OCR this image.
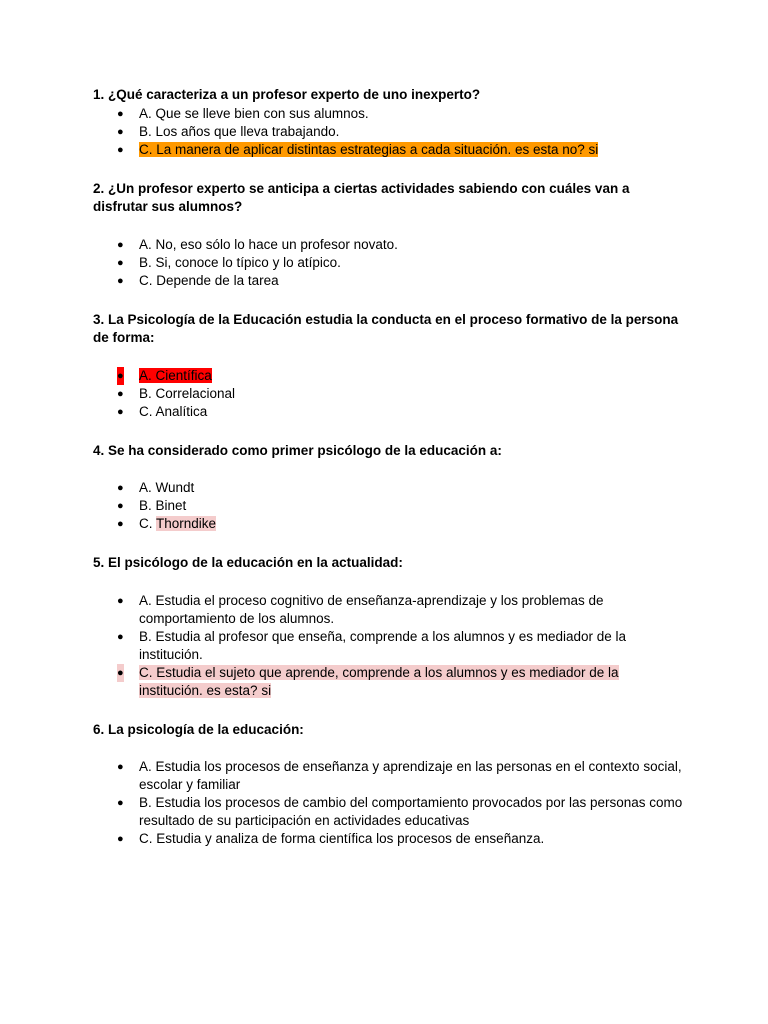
1. ¿Qué caracteriza a un profesor experto de uno inexperto?

● A. Que se lleve bien con sus alumnos.
● B. Los años que lleva trabajando.
● C. La manera de aplicar distintas estrategias a cada situación. es esta no? si

2. ¿Un profesor experto se anticipa a ciertas actividades sabiendo con cuáles van a disfrutar sus alumnos?

● A. No, eso sólo lo hace un profesor novato.
● B. Si, conoce lo típico y lo atípico.
● C. Depende de la tarea

3. La Psicología de la Educación estudia la conducta en el proceso formativo de la persona de forma:

● A. Científica
● B. Correlacional
● C. Analítica

4. Se ha considerado como primer psicólogo de la educación a:

● A. Wundt
● B. Binet
● C. Thorndike

5. El psicólogo de la educación en la actualidad:

● A. Estudia el proceso cognitivo de enseñanza-aprendizaje y los problemas de comportamiento de los alumnos.
● B. Estudia al profesor que enseña, comprende a los alumnos y es mediador de la institución.
● C. Estudia el sujeto que aprende, comprende a los alumnos y es mediador de la institución. es esta? si

6. La psicología de la educación:

● A. Estudia los procesos de enseñanza y aprendizaje en las personas en el contexto social, escolar y familiar
● B. Estudia los procesos de cambio del comportamiento provocados por las personas como resultado de su participación en actividades educativas
● C. Estudia y analiza de forma científica los procesos de enseñanza.
